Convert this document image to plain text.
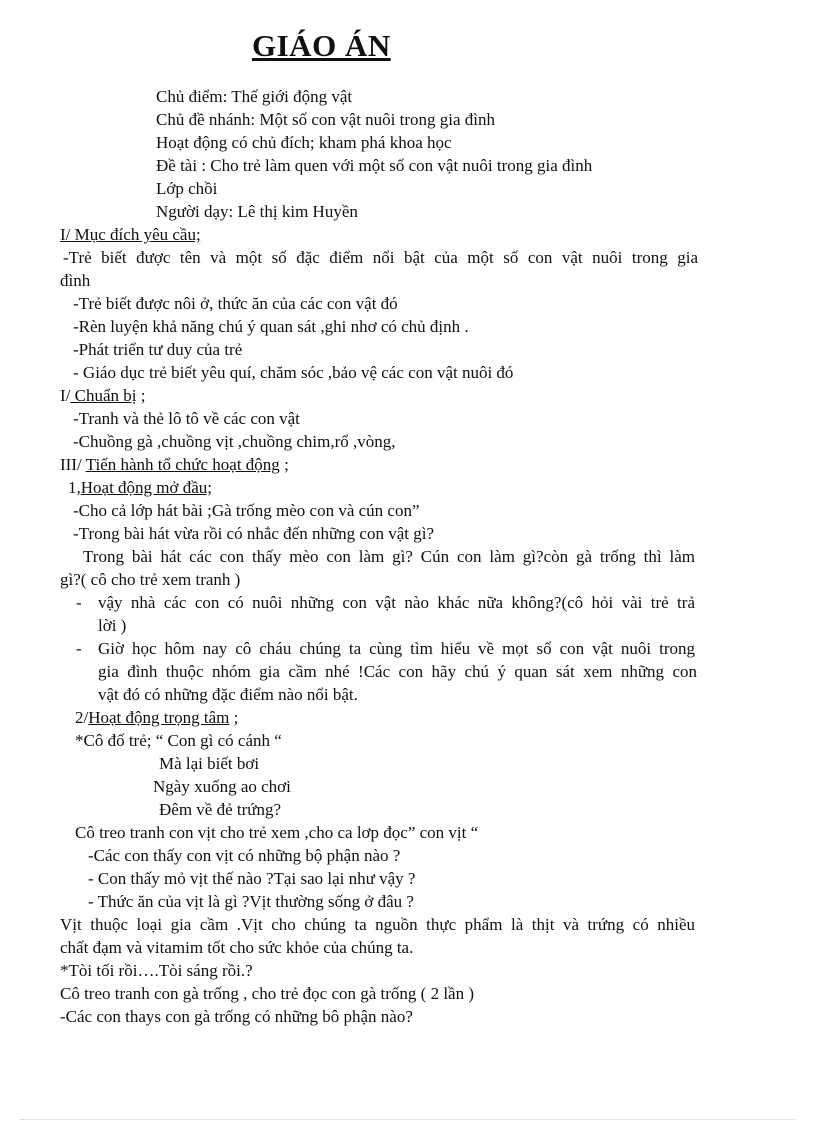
GIÁO ÁN
Chủ điểm: Thế giới động vật
Chủ đề nhánh: Một số con vật nuôi trong gia đình
Hoạt động có chủ đích; kham phá khoa học
Đề tài : Cho trẻ làm quen với một số con vật nuôi trong gia đình
Lớp chồi
Người dạy: Lê thị kim Huyền
I/ Mục đích yêu cầu;
-Trẻ biết được tên và một số đặc điểm nổi bật của một số con vật nuôi trong gia
đình
-Trẻ biết được nôi ở, thức ăn của các con vật đó
-Rèn luyện khả năng chú ý quan sát ,ghi nhơ có chủ định .
-Phát triển tư duy của trẻ
- Giáo dục trẻ biết yêu quí, chăm sóc ,bảo vệ các con vật nuôi đó
I/ Chuẩn bị ;
-Tranh và thẻ lô tô về các con vật
-Chuồng gà ,chuồng vịt ,chuồng chim,rổ ,vòng,
III/ Tiến hành tổ chức hoạt động ;
1,Hoạt động mở đầu;
-Cho cả lớp hát bài ;Gà trống mèo con và cún con”
-Trong bài hát vừa rồi có nhắc đến những con vật gì?
Trong bài hát các con thấy mèo con làm gì? Cún con làm gì?còn gà trống thì làm
gì?( cô cho trẻ xem tranh )
- vậy nhà các con có nuôi những con vật nào khác nữa không?(cô hỏi vài trẻ trả
lời )
- Giờ học hôm nay cô cháu chúng ta cùng tìm hiểu về mọt số con vật nuôi trong
gia đình thuộc nhóm gia cầm nhé !Các con hãy chú ý quan sát xem những con
vật đó có những đặc điểm nào nổi bật.
2/Hoạt động trọng tâm ;
*Cô đố trẻ; “ Con gì có cánh “
Mà lại biết bơi
Ngày xuống ao chơi
Đêm về đẻ trứng?
Cô treo tranh con vịt cho trẻ xem ,cho ca lơp đọc” con vịt “
-Các con thấy con vịt có những bộ phận nào ?
- Con thấy mỏ vịt thế nào ?Tại sao lại như vậy ?
- Thức ăn của vịt là gì ?Vịt thường sống ở đâu ?
Vịt thuộc loại gia cầm .Vịt cho chúng ta nguồn thực phẩm là thịt và trứng có nhiều
chất đạm và vitamim tốt cho sức khỏe của chúng ta.
*Tòi tối rồi….Tòi sáng rồi.?
Cô treo tranh con gà trống , cho trẻ đọc con gà trống ( 2 lần )
-Các con thays con gà trống có những bô phận nào?
